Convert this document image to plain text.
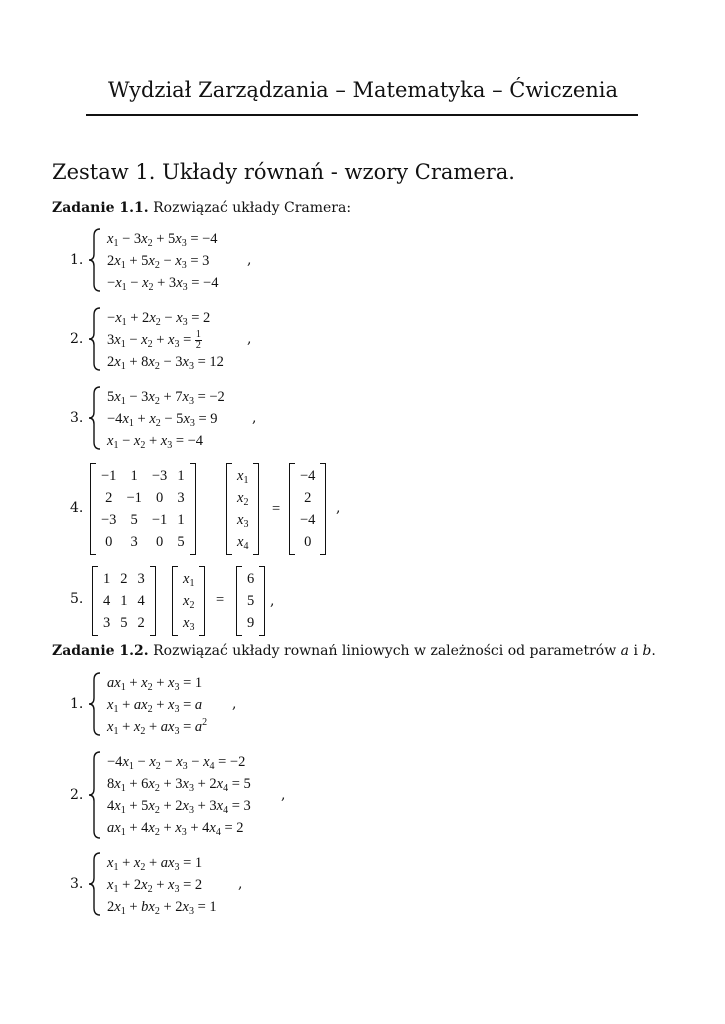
Wydział Zarządzania – Matematyka – Ćwiczenia
Zestaw 1. Układy równań - wzory Cramera.
Zadanie 1.1. Rozwiązać układy Cramera:
1.
$x_1 - 3x_2 + 5x_3 = -4$
$2x_1 + 5x_2 - x_3 = 3$
$-x_1 - x_2 + 3x_3 = -4$
,
2.
$-x_1 + 2x_2 - x_3 = 2$
$3x_1 - x_2 + x_3 = \frac{1}{2}$
$2x_1 + 8x_2 - 3x_3 = 12$
,
3.
$5x_1 - 3x_2 + 7x_3 = -2$
$-4x_1 + x_2 - 5x_3 = 9$
$x_1 - x_2 + x_3 = -4$
,
4.
−1	1	−3	1
2	−1	0	3
−3	5	−1	1
0	3	0	5
$x_1$
$x_2$
$x_3$
$x_4$
=
−4
2
−4
0
,
5.
1	2	3
4	1	4
3	5	2
$x_1$
$x_2$
$x_3$
=
6
5
9
,
Zadanie 1.2. Rozwiązać układy rownań liniowych w zależności od parametrów a i b.
1.
$ax_1 + x_2 + x_3 = 1$
$x_1 + ax_2 + x_3 = a$
$x_1 + x_2 + ax_3 = a^2$
,
2.
$-4x_1 - x_2 - x_3 - x_4 = -2$
$8x_1 + 6x_2 + 3x_3 + 2x_4 = 5$
$4x_1 + 5x_2 + 2x_3 + 3x_4 = 3$
$ax_1 + 4x_2 + x_3 + 4x_4 = 2$
,
3.
$x_1 + x_2 + ax_3 = 1$
$x_1 + 2x_2 + x_3 = 2$
$2x_1 + bx_2 + 2x_3 = 1$
,
